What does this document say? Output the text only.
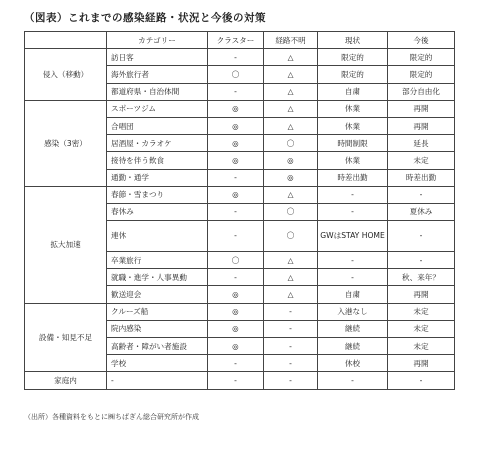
（図表）これまでの感染経路・状況と今後の対策
	カテゴリー	クラスター	経路不明	現状	今後
侵入（移動）	訪日客	-	△	限定的	限定的
	海外旅行者	〇	△	限定的	限定的
	都道府県・自治体間	-	△	自粛	部分自由化
感染（3密）	スポーツジム	◎	△	休業	再開
	合唱団	◎	△	休業	再開
	居酒屋・カラオケ	◎	〇	時間制限	延長
	接待を伴う飲食	◎	◎	休業	未定
	通勤・通学	-	◎	時差出勤	時差出勤
拡大加速	春節・雪まつり	◎	△	-	-
	春休み	-	〇	-	夏休み
	連休	-	〇	GWはSTAY HOME	-
	卒業旅行	〇	△	-	-
	就職・進学・人事異動	-	△	-	秋、来年？
	歓送迎会	◎	△	自粛	再開
設備・知見不足	クルーズ船	◎	-	入港なし	未定
	院内感染	◎	-	継続	未定
	高齢者・障がい者施設	◎	-	継続	未定
	学校	-	-	休校	再開
家庭内	-	-	-	-	-
（出所）各種資料をもとに㈱ちばぎん総合研究所が作成
